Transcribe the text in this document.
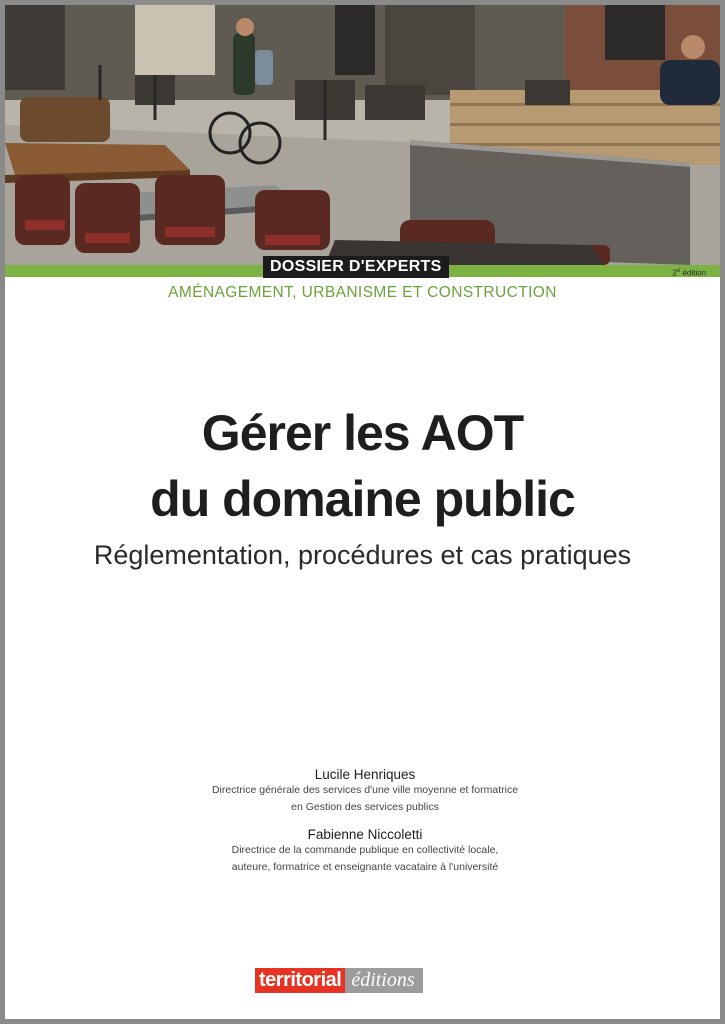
DOSSIER D'EXPERTS	2e édition
AMÉNAGEMENT, URBANISME ET CONSTRUCTION
Gérer les AOT
du domaine public
Réglementation, procédures et cas pratiques
Lucile Henriques
Directrice générale des services d'une ville moyenne et formatrice
en Gestion des services publics
Fabienne Niccoletti
Directrice de la commande publique en collectivité locale,
auteure, formatrice et enseignante vacataire à l'université
territorial éditions
